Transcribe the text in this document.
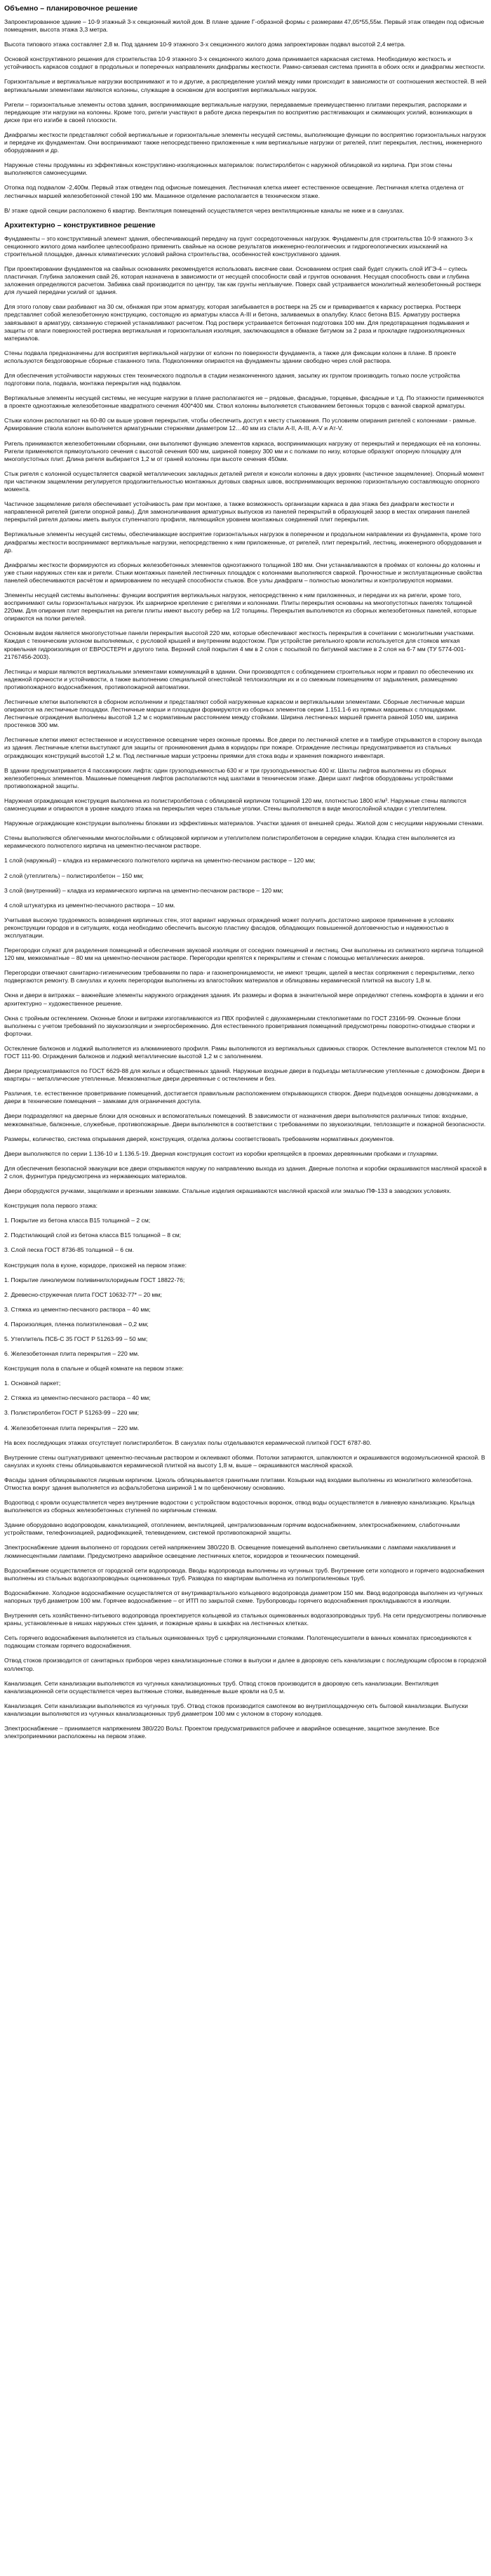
Объемно – планировочное решение

Запроектированное здание – 10-9 этажный 3-х секционный жилой дом. В плане здание Г-образной формы с размерами 47,05*55,55м. Первый этаж отведен под офисные помещения, высота этажа 3,3 метра.

Высота типового этажа составляет 2,8 м. Под зданием 10-9 этажного 3-х секционного жилого дома запроектирован подвал высотой 2,4 метра.

Основой конструктивного решения для строительства 10-9 этажного 3-х секционного жилого дома принимается каркасная система. Необходимую жесткость и устойчивость каркасов создают в продольных и поперечных направлениях диафрагмы жесткости. Рамно-связевая система принята в обоих осях и диафрагмы жесткости.

Горизонтальные и вертикальные нагрузки воспринимают и то и другие, а распределение усилий между ними происходит в зависимости от соотношения жесткостей. В ней вертикальными элементами являются колонны, служащие в основном для восприятия вертикальных нагрузок.

Ригели – горизонтальные элементы остова здания, воспринимающие вертикальные нагрузки, передаваемые преимущественно плитами перекрытия, распорками и передающие эти нагрузки на колонны. Кроме того, ригели участвуют в работе диска перекрытия по восприятию растягивающих и сжимающих усилий, возникающих в диске при его изгибе в своей плоскости.

Диафрагмы жесткости представляют собой вертикальные и горизонтальные элементы несущей системы, выполняющие функции по восприятию горизонтальных нагрузок и передаче их фундаментам. Они воспринимают также непосредственно приложенные к ним вертикальные нагрузки от ригелей, плит перекрытия, лестниц, инженерного оборудования и др.

Наружные стены продуманы из эффективных конструктивно-изоляционных материалов: полистиролбетон с наружной облицовкой из кирпича. При этом стены выполняются самонесущими.

Отопка под подвалом -2,400м. Первый этаж отведен под офисные помещения. Лестничная клетка имеет естественное освещение. Лестничная клетка отделена от лестничных маршей железобетонной стеной 190 мм. Машинное отделение располагается в техническом этаже.

В/ этаже одной секции расположено 6 квартир. Вентиляция помещений осуществляется через вентиляционные каналы не ниже и в санузлах.

Архитектурно – конструктивное решение

Фундаменты – это конструктивный элемент здания, обеспечивающий передачу на грунт сосредоточенных нагрузок. Фундаменты для строительства 10-9 этажного 3-х секционного жилого дома наиболее целесообразно применить свайные на основе результатов инженерно-геологических и гидрогеологических изысканий на строительной площадке, данных климатических условий района строительства, особенностей конструктивного здания.

При проектировании фундаментов на свайных основаниях рекомендуется использовать висячие сваи. Основанием острия свай будет служить слой ИГЭ-4 – супесь пластичная. Глубина заложения свай 26, которая назначена в зависимости от несущей способности свай и грунтов основания. Несущая способность сваи и глубина заложения определяются расчетом. Забивка свай производится по центру, так как грунты неплывучие. Поверх свай устраивается монолитный железобетонный ростверк для лучшей передачи усилий от здания.

Для этого голову сваи разбивают на 30 см, обнажая при этом арматуру, которая загибывается в ростверк на 25 см и приваривается к каркасу ростверка. Ростверк представляет собой железобетонную конструкцию, состоящую из арматуры класса А-III и бетона, заливаемых в опалубку. Класс бетона В15. Арматуру ростверка завязывают в арматуру, связанную стержней устанавливают расчетом. Под ростверк устраивается бетонная подготовка 100 мм. Для предотвращения подмывания и защиты от влаги поверхностей ростверка вертикальная и горизонтальная изоляция, заключающаяся в обмазке битумом за 2 раза и прокладке гидроизоляционных материалов.

Стены подвала предназначены для восприятия вертикальной нагрузки от колонн по поверхности фундамента, а также для фиксации колонн в плане. В проекте используются бездоговорные сборные стаканного типа. Подколонники опираются на фундаменты здании свободно через слой раствора.

Для обеспечения устойчивости наружных стен технического подполья в стадии незаконченного здания, засыпку их грунтом производить только после устройства подготовки пола, подвала, монтажа перекрытия над подвалом.

Вертикальные элементы несущей системы, не несущие нагрузки в плане располагаются не – рядовые, фасадные, торцевые, фасадные и т.д. По этажности применяются в проекте одноэтажные железобетонные квадратного сечения 400*400 мм. Ствол колонны выполняется стыкованием бетонных торцов с ванной сваркой арматуры.

Стыки колонн располагают на 60-80 см выше уровня перекрытия, чтобы обеспечить доступ к месту стыкования. По условиям опирания ригелей с колоннами - рамные. Армирование ствола колонн выполняется арматурными стержнями диаметром 12…40 мм из стали А-II, А-III, А-V и Ат-V.

Ригель принимаются железобетонными сборными, они выполняют функцию элементов каркаса, воспринимающих нагрузку от перекрытий и передающих её на колонны. Ригели применяются прямоугольного сечения с высотой сечения 600 мм, шириной поверху 300 мм и с полками по низу, которые образуют опорную площадку для многопустотных плит. Длина ригеля выбирается 1,2 м от граней колонны при высоте сечения 450мм.

Стык ригеля с колонной осуществляется сваркой металлических закладных деталей ригеля и консоли колонны в двух уровнях (частичное защемление). Опорный момент при частичном защемлении регулируется продолжительностью монтажных дуговых сварных швов, воспринимающих верхнюю горизонтальную составляющую опорного момента.

Частичное защемление ригеля обеспечивает устойчивость рам при монтаже, а также возможность организации каркаса в два этажа без диафрагм жесткости и направленной ригелей (ригели опорной рамы). Для замоноличивания арматурных выпусков из панелей перекрытий в образующей зазор в местах опирания панелей перекрытий ригеля должны иметь выпуск ступенчатого профиля, являющийся уровнем монтажных соединений плит перекрытия.

Вертикальные элементы несущей системы, обеспечивающие восприятие горизонтальных нагрузок в поперечном и продольном направлении из фундамента, кроме того диафрагмы жесткости воспринимают вертикальные нагрузки, непосредственно к ним приложенные, от ригелей, плит перекрытий, лестниц, инженерного оборудования и др.

Диафрагмы жесткости формируются из сборных железобетонных элементов одноэтажного толщиной 180 мм. Они устанавливаются в проёмах от колонны до колонны и уже стыки наружных стен как и ригели. Стыки монтажных панелей лестничных площадок с колоннами выполняются сваркой. Прочностные и эксплуатационные свойства панелей обеспечиваются расчётом и армированием по несущей способности стыков. Все узлы диафрагм – полностью монолитны и контролируются нормами.

Элементы несущей системы выполнены: функции восприятия вертикальных нагрузок, непосредственно к ним приложенных, и передачи их на ригели, кроме того, воспринимают силы горизонтальных нагрузок. Их шарнирное крепление с ригелями и колоннами. Плиты перекрытия основаны на многопустотных панелях толщиной 220мм. Для опирания плит перекрытия на ригели плиты имеют высоту ребер на 1/2 толщины. Перекрытия выполняются из сборных железобетонных панелей, которые опираются на полки ригелей.

Основным видом является многопустотные панели перекрытия высотой 220 мм, которые обеспечивают жесткость перекрытия в сочетании с монолитными участками. Каждая с техническим уклоном выполняемых, с русловой крышей и внутренним водостоком. При устройстве ригельного кровли используется для стояков мягкая кровельная гидроизоляция от ЕВРОСТЕРН и другого типа. Верхний слой покрытия 4 мм в 2 слоя с посыпкой по битумной мастике в 2 слоя на 6-7 мм (ТУ 5774-001-21767456-2003).

Лестницы и марши являются вертикальными элементами коммуникаций в здании. Они производятся с соблюдением строительных норм и правил по обеспечению их надежной прочности и устойчивости, а также выполнению специальной огнестойкой теплоизоляции их и со смежным помещениям от задымления, размещению противопожарного водоснабжения, противопожарной автоматики.

Лестничные клетки выполняются в сборном исполнении и представляют собой нагруженные каркасом и вертикальными элементами. Сборные лестничные марши опираются на лестничные площадки. Лестничные марши и площадки формируются из сборных элементов серии 1.151.1-6 из прямых маршевых с площадками. Лестничные ограждения выполнены высотой 1,2 м с нормативным расстоянием между стойками. Ширина лестничных маршей принята равной 1050 мм, ширина простенков 300 мм.

Лестничные клетки имеют естественное и искусственное освещение через оконные проемы. Все двери по лестничной клетке и в тамбуре открываются в сторону выхода из здания. Лестничные клетки выступают для защиты от проникновения дыма в коридоры при пожаре. Ограждение лестницы предусматривается из стальных ограждающих конструкций высотой 1,2 м. Под лестничные марши устроены приямки для стока воды и хранения пожарного инвентаря.

В здании предусматривается 4 пассажирских лифта: один грузоподъемностью 630 кг и три грузоподъемностью 400 кг. Шахты лифтов выполнены из сборных железобетонных элементов. Машинные помещения лифтов располагаются над шахтами в техническом этаже. Двери шахт лифтов оборудованы устройствами противопожарной защиты.

Наружная ограждающая конструкция выполнена из полистиролбетона с облицовкой кирпичом толщиной 120 мм, плотностью 1800 кг/м³. Наружные стены являются самонесущими и опираются в уровне каждого этажа на перекрытия через стальные уголки. Стены выполняются в виде многослойной кладки с утеплителем.

Наружные ограждающие конструкции выполнены блоками из эффективных материалов. Участки здания от внешней среды. Жилой дом с несущими наружными стенами.

Стены выполняются облегченными многослойными с облицовкой кирпичом и утеплителем полистиролбетоном в середине кладки. Кладка стен выполняется из керамического полнотелого кирпича на цементно-песчаном растворе.

1 слой (наружный) – кладка из керамического полнотелого кирпича на цементно-песчаном растворе – 120 мм;

2 слой (утеплитель) – полистиролбетон – 150 мм;

3 слой (внутренний) – кладка из керамического кирпича на цементно-песчаном растворе – 120 мм;

4 слой штукатурка из цементно-песчаного раствора – 10 мм.

Учитывая высокую трудоемкость возведения кирпичных стен, этот вариант наружных ограждений может получить достаточно широкое применение в условиях реконструкции городов и в ситуациях, когда необходимо обеспечить высокую пластику фасадов, обладающих повышенной долговечностью и надежностью в эксплуатации.

Перегородки служат для разделения помещений и обеспечения звуковой изоляции от соседних помещений и лестниц. Они выполнены из силикатного кирпича толщиной 120 мм, межкомнатные – 80 мм на цементно-песчаном растворе. Перегородки крепятся к перекрытиям и стенам с помощью металлических анкеров.

Перегородки отвечают санитарно-гигиеническим требованиям по пара- и газонепроницаемости, не имеют трещин, щелей в местах сопряжения с перекрытиями, легко подвергаются ремонту. В санузлах и кухнях перегородки выполнены из влагостойких материалов и облицованы керамической плиткой на высоту 1,8 м.

Окна и двери в витражах – важнейшие элементы наружного ограждения здания. Их размеры и форма в значительной мере определяют степень комфорта в здании и его архитектурно – художественное решение.

Окна с тройным остеклением. Оконные блоки и витражи изготавливаются из ПВХ профилей с двухкамерными стеклопакетами по ГОСТ 23166-99. Оконные блоки выполнены с учетом требований по звукоизоляции и энергосбережению. Для естественного проветривания помещений предусмотрены поворотно-откидные створки и форточки.

Остекление балконов и лоджий выполняется из алюминиевого профиля. Рамы выполняются из вертикальных сдвижных створок. Остекление выполняется стеклом М1 по ГОСТ 111-90. Ограждения балконов и лоджий металлические высотой 1,2 м с заполнением.

Двери предусматриваются по ГОСТ 6629-88 для жилых и общественных зданий. Наружные входные двери в подъезды металлические утепленные с домофоном. Двери в квартиры – металлические утепленные. Межкомнатные двери деревянные с остеклением и без.

Различия, т.е. естественное проветривание помещений, достигается правильным расположением открывающихся створок. Двери подъездов оснащены доводчиками, а двери в технические помещения – замками для ограничения доступа.

Двери подразделяют на дверные блоки для основных и вспомогательных помещений. В зависимости от назначения двери выполняются различных типов: входные, межкомнатные, балконные, служебные, противопожарные. Двери выполняются в соответствии с требованиями по звукоизоляции, теплозащите и пожарной безопасности.

Размеры, количество, система открывания дверей, конструкция, отделка должны соответствовать требованиям нормативных документов.

Двери выполняются по серии 1.136-10 и 1.136.5-19. Дверная конструкция состоит из коробки крепящейся в проемах деревянными пробками и глухарями.

Для обеспечения безопасной эвакуации все двери открываются наружу по направлению выхода из здания. Дверные полотна и коробки окрашиваются масляной краской в 2 слоя, фурнитура предусмотрена из нержавеющих материалов.

Двери оборудуются ручками, защелками и врезными замками. Стальные изделия окрашиваются масляной краской или эмалью ПФ-133 в заводских условиях.

Конструкция пола первого этажа:

1. Покрытие из бетона класса В15 толщиной – 2 см;

2. Подстилающий слой из бетона класса В15 толщиной – 8 см;

3. Слой песка ГОСТ 8736-85 толщиной – 6 см.

Конструкция пола в кухне, коридоре, прихожей на первом этаже:

1. Покрытие линолеумом поливинилхлоридным ГОСТ 18822-76;

2. Древесно-стружечная плита ГОСТ 10632-77* – 20 мм;

3. Стяжка из цементно-песчаного раствора – 40 мм;

4. Пароизоляция, пленка полиэтиленовая – 0,2 мм;

5. Утеплитель ПСБ-С 35 ГОСТ Р 51263-99 – 50 мм;

6. Железобетонная плита перекрытия – 220 мм.

Конструкция пола в спальне и общей комнате на первом этаже:

1. Основной паркет;

2. Стяжка из цементно-песчаного раствора – 40 мм;

3. Полистиролбетон ГОСТ Р 51263-99 – 220 мм;

4. Железобетонная плита перекрытия – 220 мм.

На всех последующих этажах отсутствует полистиролбетон. В санузлах полы отделываются керамической плиткой ГОСТ 6787-80.

Внутренние стены оштукатуривают цементно-песчаным раствором и оклеивают обоями. Потолки затираются, шпаклюются и окрашиваются водоэмульсионной краской. В санузлах и кухнях стены облицовываются керамической плиткой на высоту 1,8 м, выше – окрашиваются масляной краской.

Фасады здания облицовываются лицевым кирпичом. Цоколь облицовывается гранитными плитами. Козырьки над входами выполнены из монолитного железобетона. Отмостка вокруг здания выполняется из асфальтобетона шириной 1 м по щебеночному основанию.

Водоотвод с кровли осуществляется через внутренние водостоки с устройством водосточных воронок, отвод воды осуществляется в ливневую канализацию. Крыльца выполняются из сборных железобетонных ступеней по кирпичным стенкам.

Здание оборудовано водопроводом, канализацией, отоплением, вентиляцией, централизованным горячим водоснабжением, электроснабжением, слаботочными устройствами, телефонизацией, радиофикацией, телевидением, системой противопожарной защиты.

Электроснабжение здания выполнено от городских сетей напряжением 380/220 В. Освещение помещений выполнено светильниками с лампами накаливания и люминесцентными лампами. Предусмотрено аварийное освещение лестничных клеток, коридоров и технических помещений.

Водоснабжение осуществляется от городской сети водопровода. Вводы водопровода выполнены из чугунных труб. Внутренние сети холодного и горячего водоснабжения выполнены из стальных водогазопроводных оцинкованных труб. Разводка по квартирам выполнена из полипропиленовых труб.

Водоснабжение. Холодное водоснабжение осуществляется от внутриквартального кольцевого водопровода диаметром 150 мм. Ввод водопровода выполнен из чугунных напорных труб диаметром 100 мм. Горячее водоснабжение – от ИТП по закрытой схеме. Трубопроводы горячего водоснабжения прокладываются в изоляции.

Внутренняя сеть хозяйственно-питьевого водопровода проектируется кольцевой из стальных оцинкованных водогазопроводных труб. На сети предусмотрены поливочные краны, установленные в нишах наружных стен здания, и пожарные краны в шкафах на лестничных клетках.

Сеть горячего водоснабжения выполняется из стальных оцинкованных труб с циркуляционными стояками. Полотенцесушители в ванных комнатах присоединяются к подающим стоякам горячего водоснабжения.

Отвод стоков производится от санитарных приборов через канализационные стояки в выпуски и далее в дворовую сеть канализации с последующим сбросом в городской коллектор.

Канализация. Сети канализации выполняются из чугунных канализационных труб. Отвод стоков производится в дворовую сеть канализации. Вентиляция канализационной сети осуществляется через вытяжные стояки, выведенные выше кровли на 0,5 м.

Канализация. Сети канализации выполняются из чугунных труб. Отвод стоков производится самотеком во внутриплощадочную сеть бытовой канализации. Выпуски канализации выполняются из чугунных канализационных труб диаметром 100 мм с уклоном в сторону колодцев.

Электроснабжение – принимается напряжением 380/220 Вольт. Проектом предусматриваются рабочее и аварийное освещение, защитное зануление. Все электроприемники расположены на первом этаже.
